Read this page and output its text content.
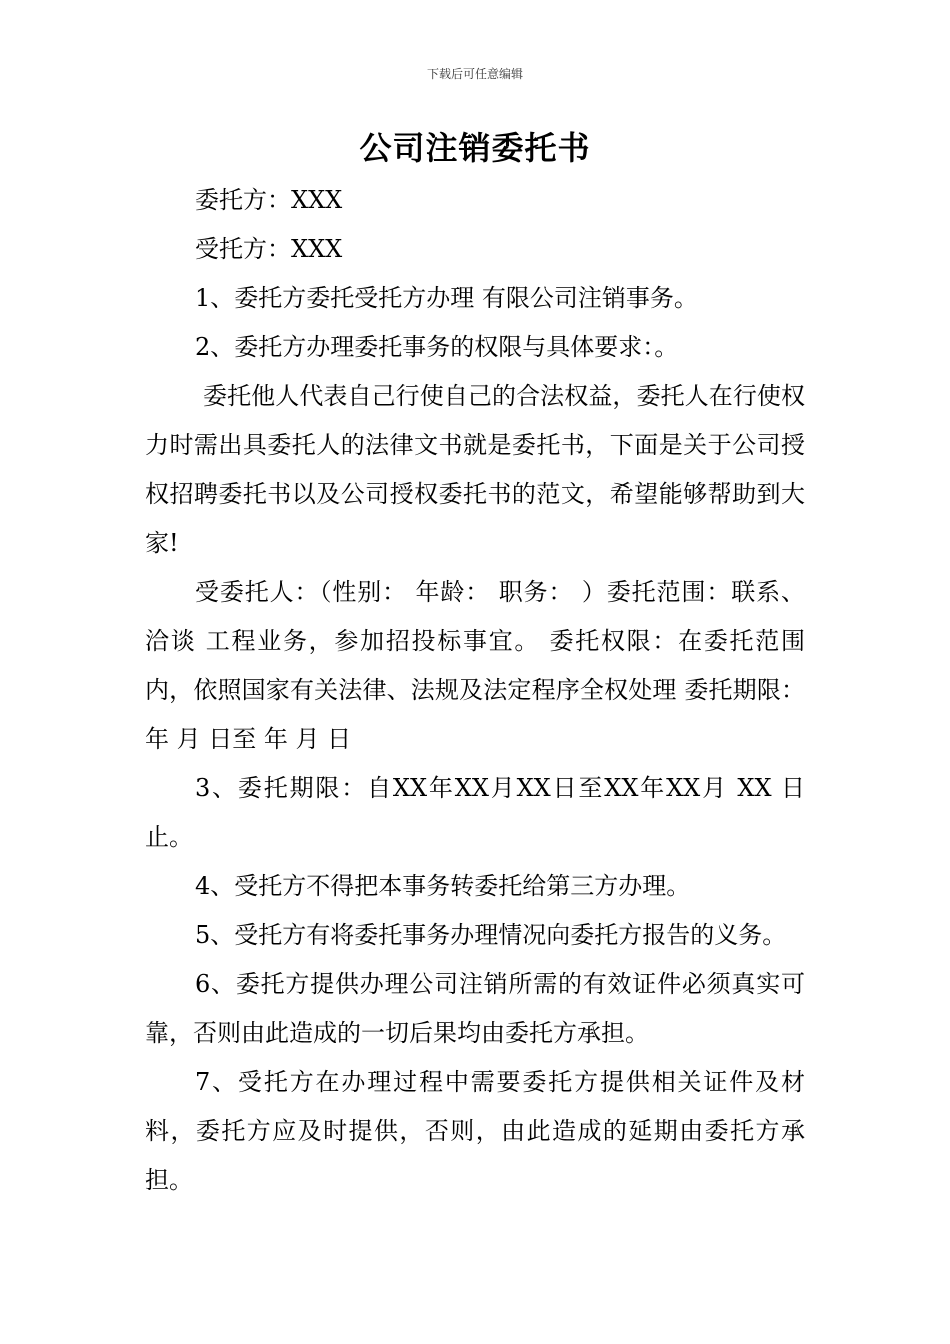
下载后可任意编辑
公司注销委托书

委托方：XXX

受托方：XXX

1、委托方委托受托方办理 有限公司注销事务。

2、委托方办理委托事务的权限与具体要求：。

委托他人代表自己行使自己的合法权益，委托人在行使权力时需出具委托人的法律文书就是委托书，下面是关于公司授权招聘委托书以及公司授权委托书的范文，希望能够帮助到大家!

受委托人：（性别： 年龄： 职务： ）委托范围：联系、洽谈 工程业务，参加招投标事宜。 委托权限：在委托范围内，依照国家有关法律、法规及法定程序全权处理 委托期限：年 月 日至 年 月 日

3、委托期限：自XX年XX月XX日至XX年XX月 XX 日止。

4、受托方不得把本事务转委托给第三方办理。

5、受托方有将委托事务办理情况向委托方报告的义务。

6、委托方提供办理公司注销所需的有效证件必须真实可靠，否则由此造成的一切后果均由委托方承担。

7、受托方在办理过程中需要委托方提供相关证件及材料，委托方应及时提供，否则，由此造成的延期由委托方承担。
